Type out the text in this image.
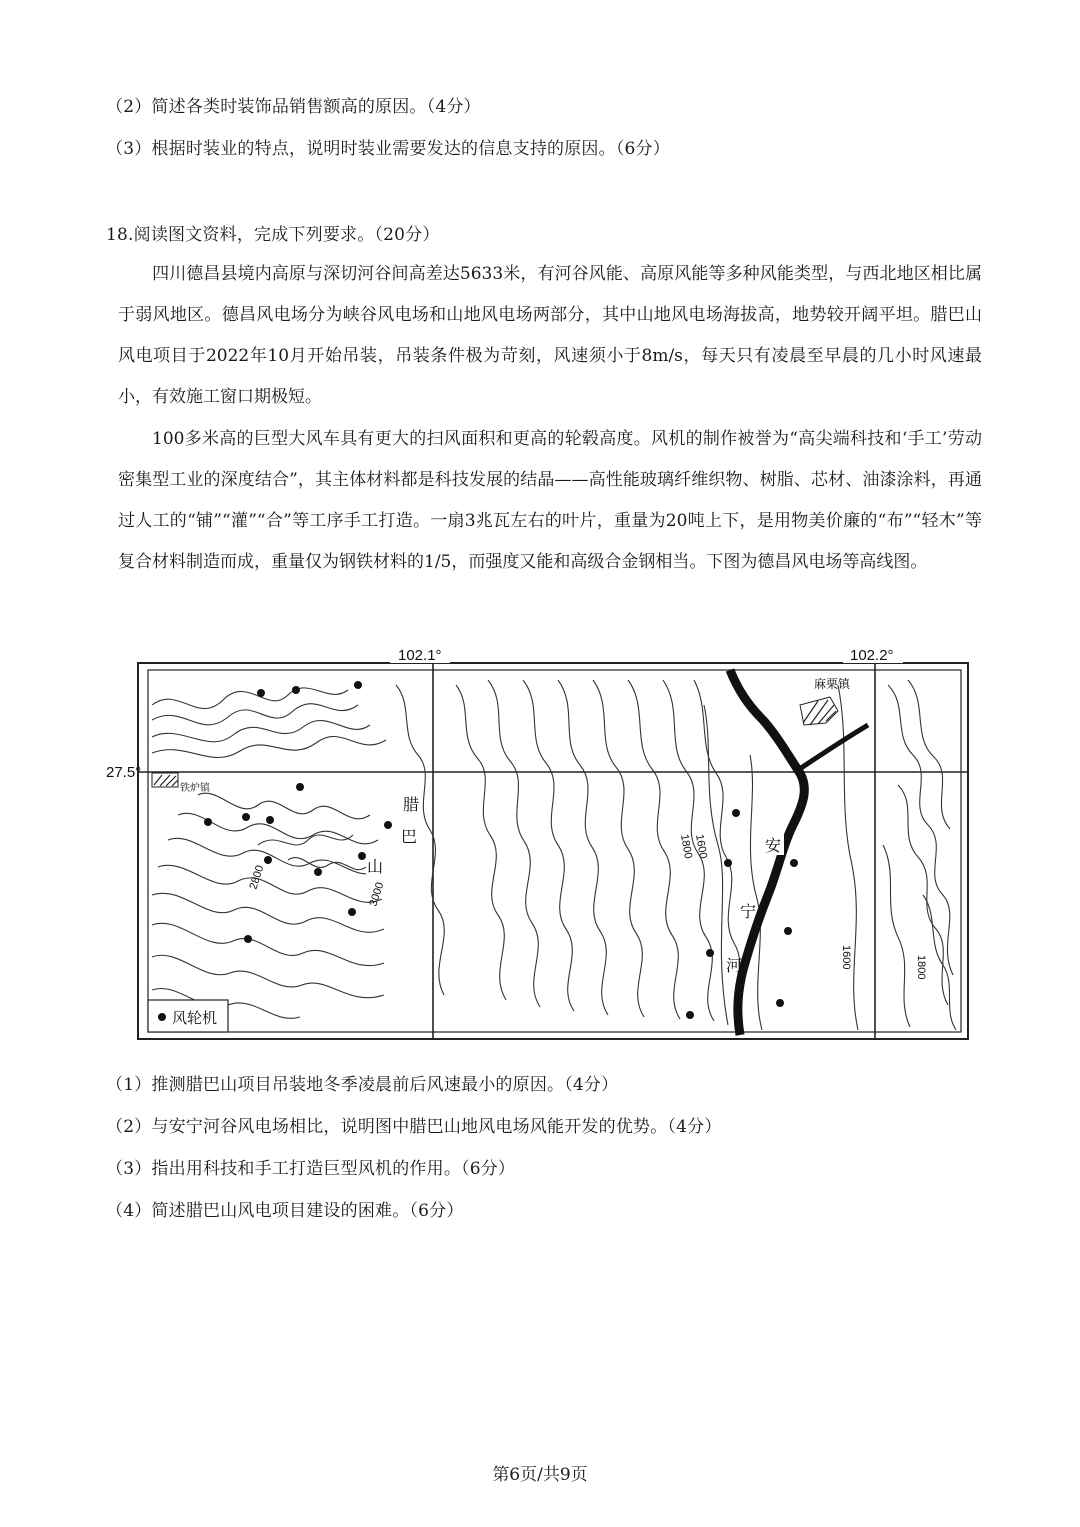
（2）简述各类时装饰品销售额高的原因。（4分）
（3）根据时装业的特点，说明时装业需要发达的信息支持的原因。（6分）
18.阅读图文资料，完成下列要求。（20分）
四川德昌县境内高原与深切河谷间高差达5633米，有河谷风能、高原风能等多种风能类型，与西北地区相比属于弱风地区。德昌风电场分为峡谷风电场和山地风电场两部分，其中山地风电场海拔高，地势较开阔平坦。腊巴山风电项目于2022年10月开始吊装，吊装条件极为苛刻，风速须小于8m/s，每天只有凌晨至早晨的几小时风速最小，有效施工窗口期极短。
100多米高的巨型大风车具有更大的扫风面积和更高的轮毂高度。风机的制作被誉为“高尖端科技和‘手工’劳动密集型工业的深度结合”，其主体材料都是科技发展的结晶——高性能玻璃纤维织物、树脂、芯材、油漆涂料，再通过人工的“铺”“灌”“合”等工序手工打造。一扇3兆瓦左右的叶片，重量为20吨上下，是用物美价廉的“布”“轻木”等复合材料制造而成，重量仅为钢铁材料的1/5，而强度又能和高级合金钢相当。下图为德昌风电场等高线图。
102.1°	102.2°
27.5°
铁炉镇
麻栗镇
腊
巴
山
安
宁
河
2800
3000
1800
1600
1600	1800
风轮机
（1）推测腊巴山项目吊装地冬季凌晨前后风速最小的原因。（4分）
（2）与安宁河谷风电场相比，说明图中腊巴山地风电场风能开发的优势。（4分）
（3）指出用科技和手工打造巨型风机的作用。（6分）
（4）简述腊巴山风电项目建设的困难。（6分）
第6页/共9页
